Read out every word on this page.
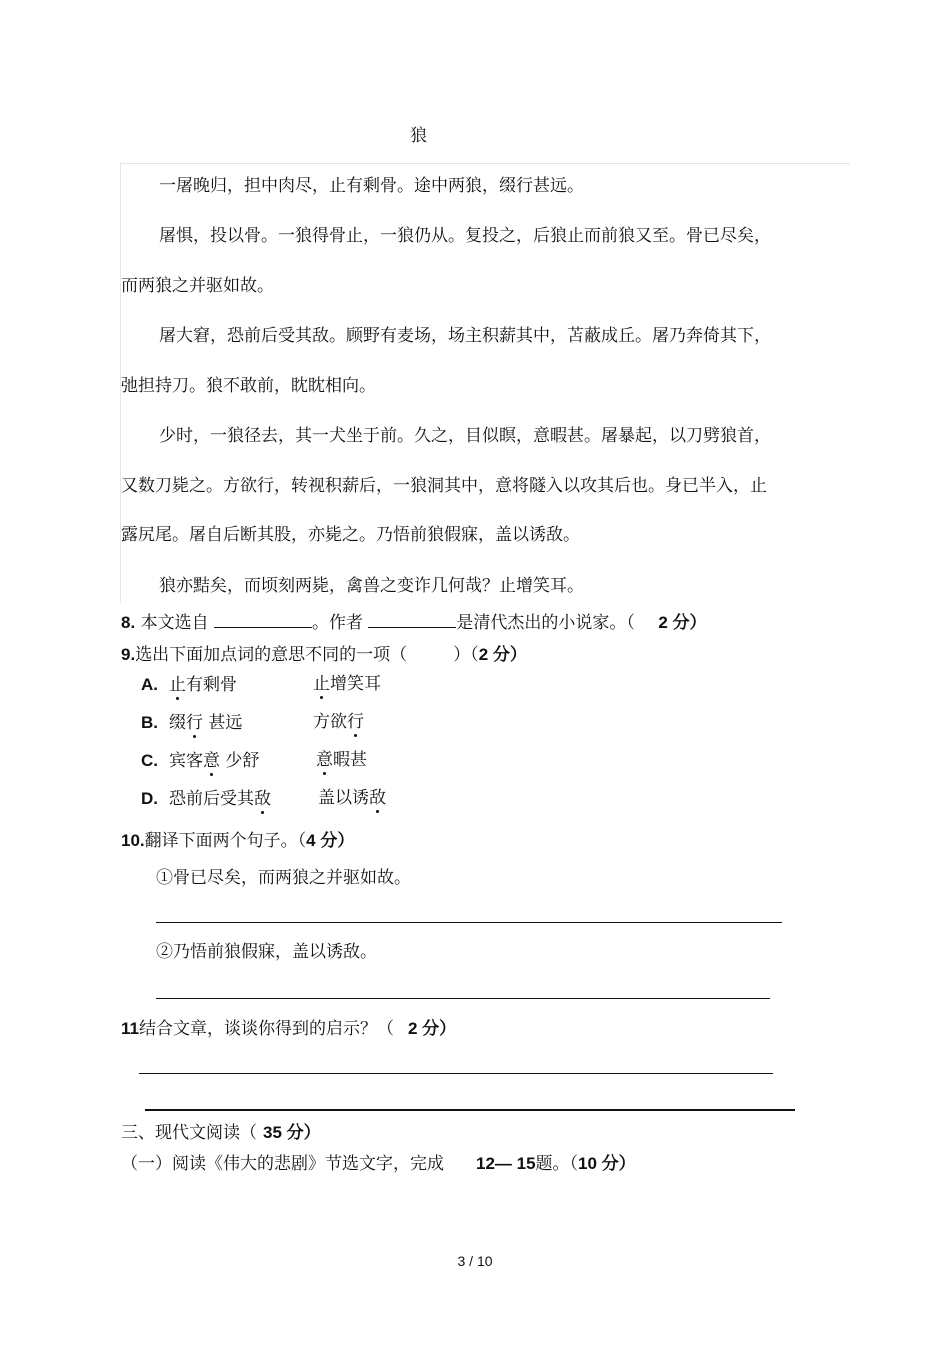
狼
一屠晚归，担中肉尽，止有剩骨。途中两狼，缀行甚远。
屠惧，投以骨。一狼得骨止，一狼仍从。复投之，后狼止而前狼又至。骨已尽矣，
而两狼之并驱如故。
屠大窘，恐前后受其敌。顾野有麦场，场主积薪其中，苫蔽成丘。屠乃奔倚其下，
弛担持刀。狼不敢前，眈眈相向。
少时，一狼径去，其一犬坐于前。久之，目似瞑，意暇甚。屠暴起，以刀劈狼首，
又数刀毙之。方欲行，转视积薪后，一狼洞其中，意将隧入以攻其后也。身已半入，止
露尻尾。屠自后断其股，亦毙之。乃悟前狼假寐，盖以诱敌。
狼亦黠矣，而顷刻两毙，禽兽之变诈几何哉？止增笑耳。
8. 本文选自	。作者	是清代杰出的小说家。（ 2 分）
9.选出下面加点词的意思不同的一项（	）（2 分）
A. 止有剩骨	止增笑耳
B. 缀行 甚远	方欲行
C. 宾客意 少舒	意暇甚
D. 恐前后受其敌	盖以诱敌
10.翻译下面两个句子。（4 分）
①骨已尽矣，而两狼之并驱如故。
②乃悟前狼假寐，盖以诱敌。
11结合文章，谈谈你得到的启示？（ 2 分）
三、现代文阅读（ 35 分）
（一）阅读《伟大的悲剧》节选文字，完成 12— 15题。（10 分）
3 / 10
